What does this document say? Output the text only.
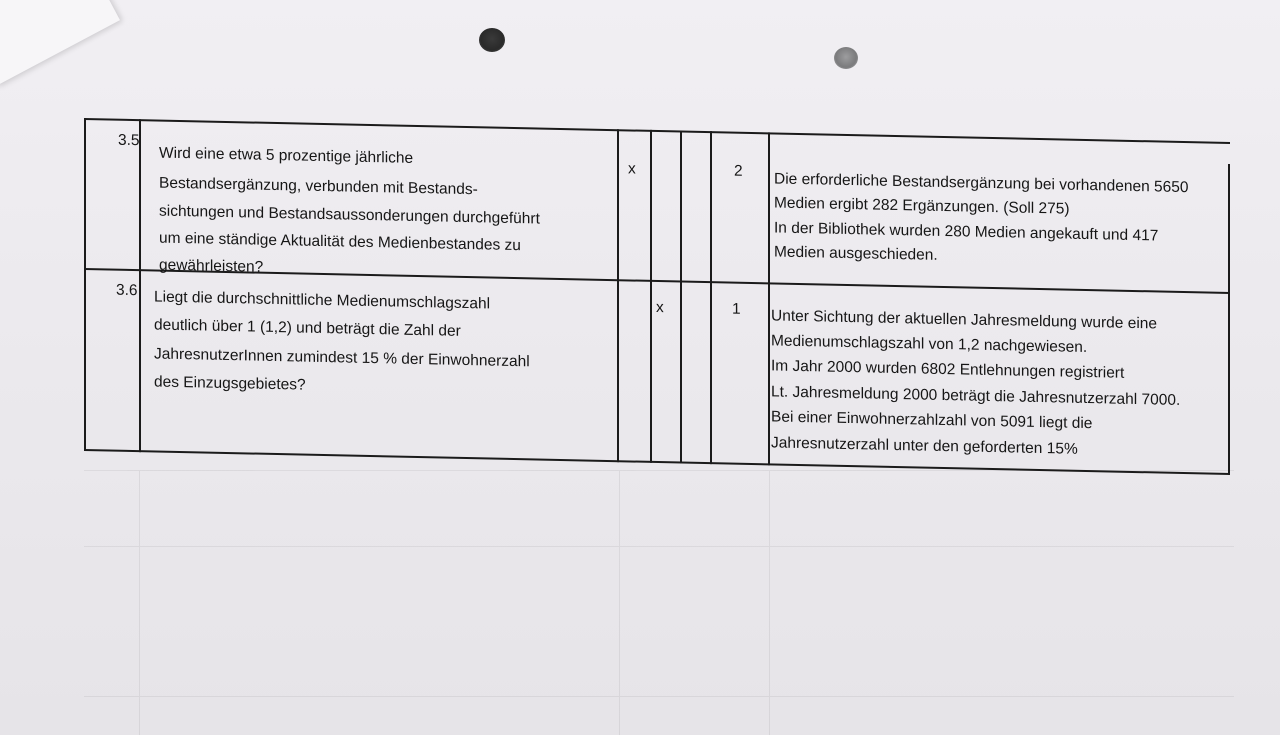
3.5
Wird eine etwa 5 prozentige jährliche
Bestandsergänzung, verbunden mit Bestands-
sichtungen und Bestandsaussonderungen durchgeführt
um eine ständige Aktualität des Medienbestandes zu
gewährleisten?
x	2 Die erforderliche Bestandsergänzung bei vorhandenen 5650
Medien ergibt 282 Ergänzungen. (Soll 275)
In der Bibliothek wurden 280 Medien angekauft und 417
Medien ausgeschieden.
3.6 Liegt die durchschnittliche Medienumschlagszahl
deutlich über 1 (1,2) und beträgt die Zahl der
JahresnutzerInnen zumindest 15 % der Einwohnerzahl
des Einzugsgebietes?
x	1 Unter Sichtung der aktuellen Jahresmeldung wurde eine
Medienumschlagszahl von 1,2 nachgewiesen.
Im Jahr 2000 wurden 6802 Entlehnungen registriert
Lt. Jahresmeldung 2000 beträgt die Jahresnutzerzahl 7000.
Bei einer Einwohnerzahlzahl von 5091 liegt die
Jahresnutzerzahl unter den geforderten 15%
